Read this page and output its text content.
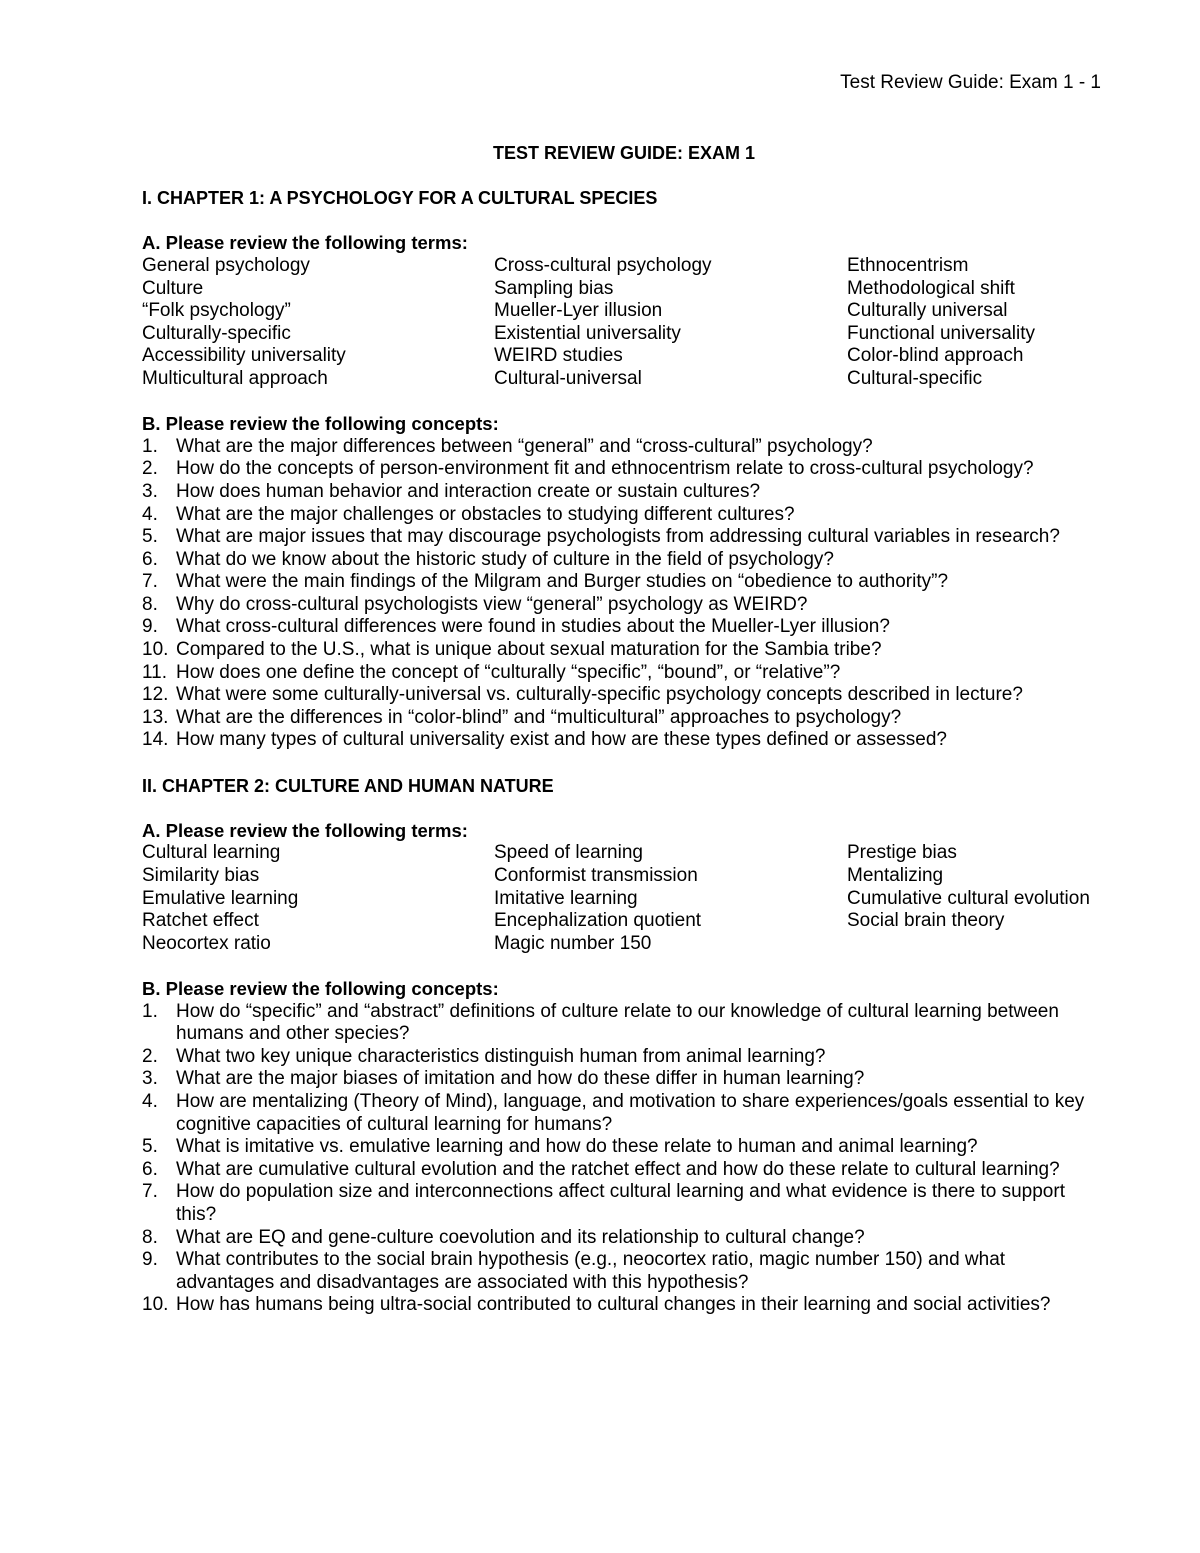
Test Review Guide: Exam 1 - 1
TEST REVIEW GUIDE: EXAM 1
I. CHAPTER 1: A PSYCHOLOGY FOR A CULTURAL SPECIES
A. Please review the following terms:
General psychology	Cross-cultural psychology	Ethnocentrism
Culture	Sampling bias	Methodological shift
“Folk psychology”	Mueller-Lyer illusion	Culturally universal
Culturally-specific	Existential universality	Functional universality
Accessibility universality	WEIRD studies	Color-blind approach
Multicultural approach	Cultural-universal	Cultural-specific
B. Please review the following concepts:
1. What are the major differences between “general” and “cross-cultural” psychology?
2. How do the concepts of person-environment fit and ethnocentrism relate to cross-cultural psychology?
3. How does human behavior and interaction create or sustain cultures?
4. What are the major challenges or obstacles to studying different cultures?
5. What are major issues that may discourage psychologists from addressing cultural variables in research?
6. What do we know about the historic study of culture in the field of psychology?
7. What were the main findings of the Milgram and Burger studies on “obedience to authority”?
8. Why do cross-cultural psychologists view “general” psychology as WEIRD?
9. What cross-cultural differences were found in studies about the Mueller-Lyer illusion?
10. Compared to the U.S., what is unique about sexual maturation for the Sambia tribe?
11. How does one define the concept of “culturally “specific”, “bound”, or “relative”?
12. What were some culturally-universal vs. culturally-specific psychology concepts described in lecture?
13. What are the differences in “color-blind” and “multicultural” approaches to psychology?
14. How many types of cultural universality exist and how are these types defined or assessed?
II. CHAPTER 2: CULTURE AND HUMAN NATURE
A. Please review the following terms:
Cultural learning	Speed of learning	Prestige bias
Similarity bias	Conformist transmission	Mentalizing
Emulative learning	Imitative learning	Cumulative cultural evolution
Ratchet effect	Encephalization quotient	Social brain theory
Neocortex ratio	Magic number 150
B. Please review the following concepts:
1. How do “specific” and “abstract” definitions of culture relate to our knowledge of cultural learning between humans and other species?
2. What two key unique characteristics distinguish human from animal learning?
3. What are the major biases of imitation and how do these differ in human learning?
4. How are mentalizing (Theory of Mind), language, and motivation to share experiences/goals essential to key cognitive capacities of cultural learning for humans?
5. What is imitative vs. emulative learning and how do these relate to human and animal learning?
6. What are cumulative cultural evolution and the ratchet effect and how do these relate to cultural learning?
7. How do population size and interconnections affect cultural learning and what evidence is there to support this?
8. What are EQ and gene-culture coevolution and its relationship to cultural change?
9. What contributes to the social brain hypothesis (e.g., neocortex ratio, magic number 150) and what advantages and disadvantages are associated with this hypothesis?
10. How has humans being ultra-social contributed to cultural changes in their learning and social activities?
